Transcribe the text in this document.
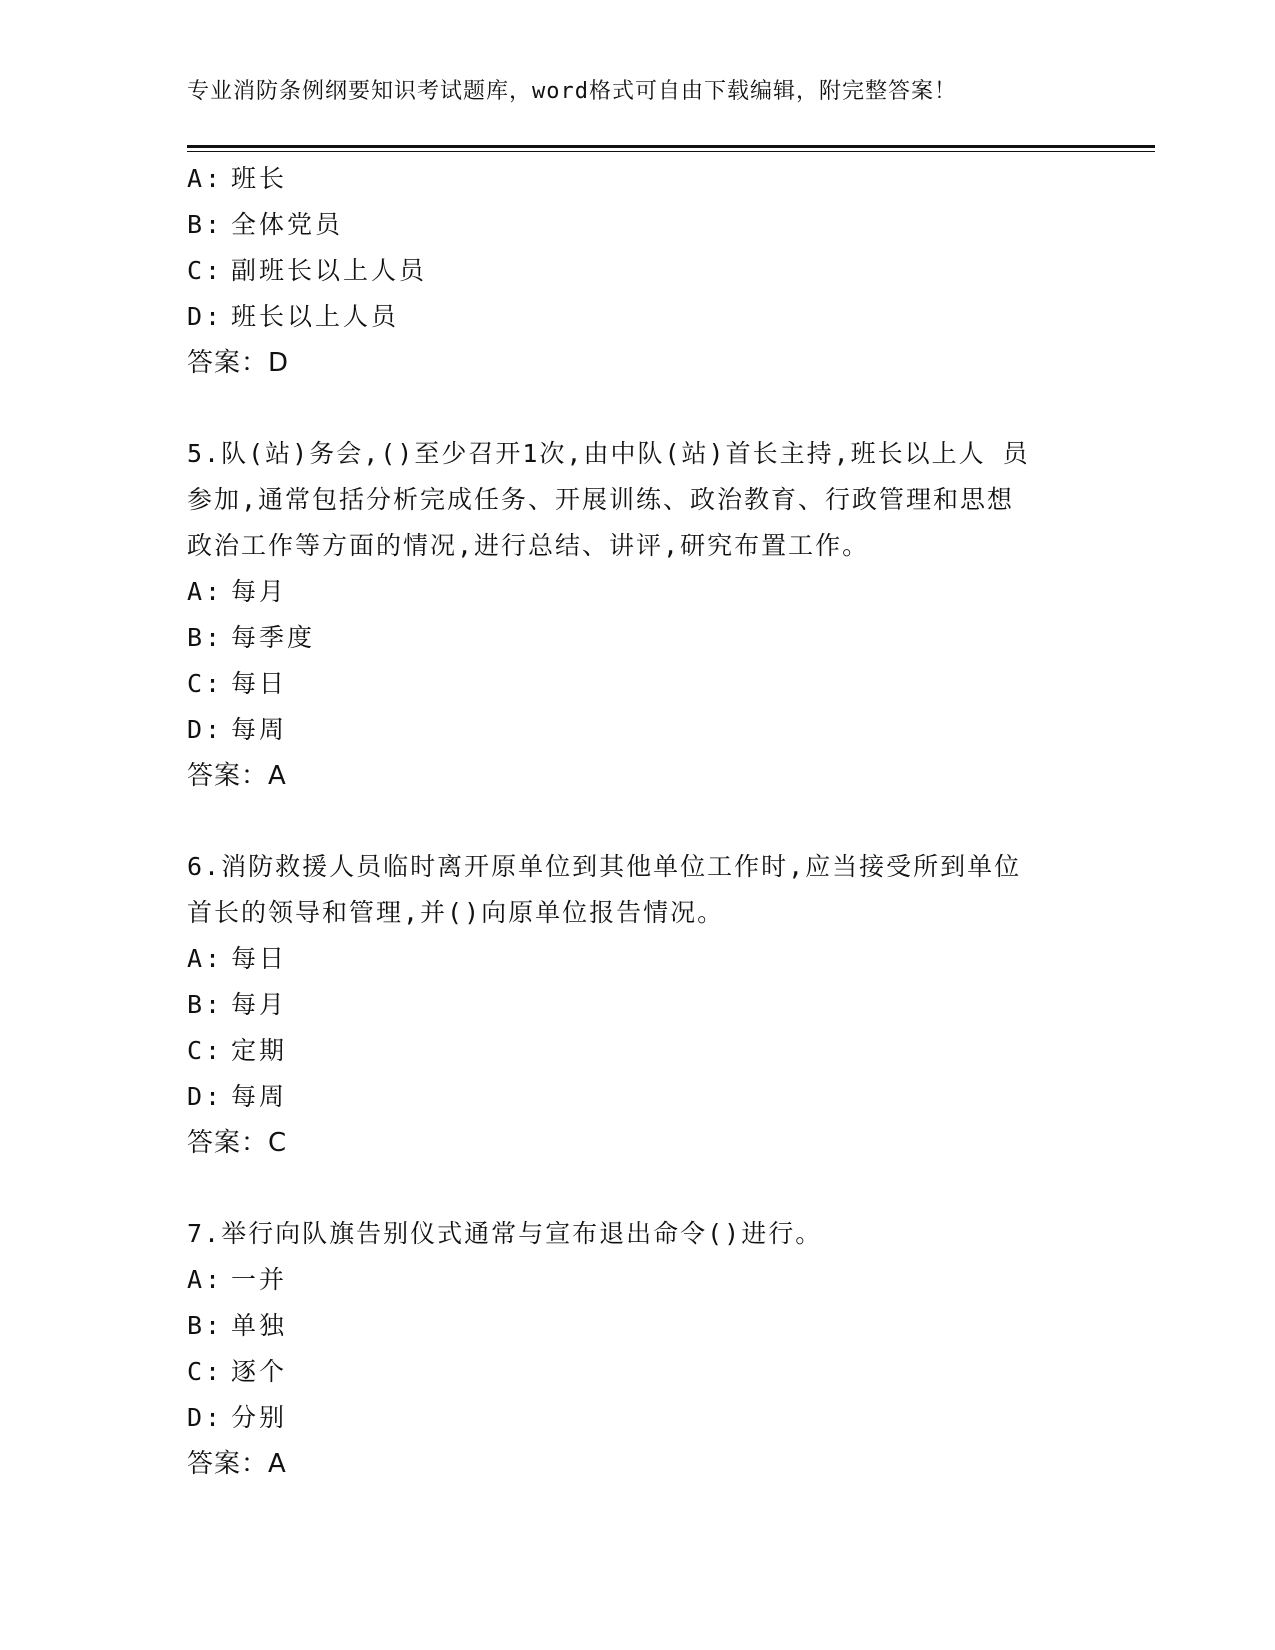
专业消防条例纲要知识考试题库，word格式可自由下载编辑，附完整答案！
A: 班长
B: 全体党员
C: 副班长以上人员
D: 班长以上人员
答案：D
5.队(站)务会,()至少召开1次,由中队(站)首长主持,班长以上人 员
参加,通常包括分析完成任务、开展训练、政治教育、行政管理和思想
政治工作等方面的情况,进行总结、讲评,研究布置工作。
A: 每月
B: 每季度
C: 每日
D: 每周
答案：A
6.消防救援人员临时离开原单位到其他单位工作时,应当接受所到单位
首长的领导和管理,并()向原单位报告情况。
A: 每日
B: 每月
C: 定期
D: 每周
答案：C
7.举行向队旗告别仪式通常与宣布退出命令()进行。
A: 一并
B: 单独
C: 逐个
D: 分别
答案：A
